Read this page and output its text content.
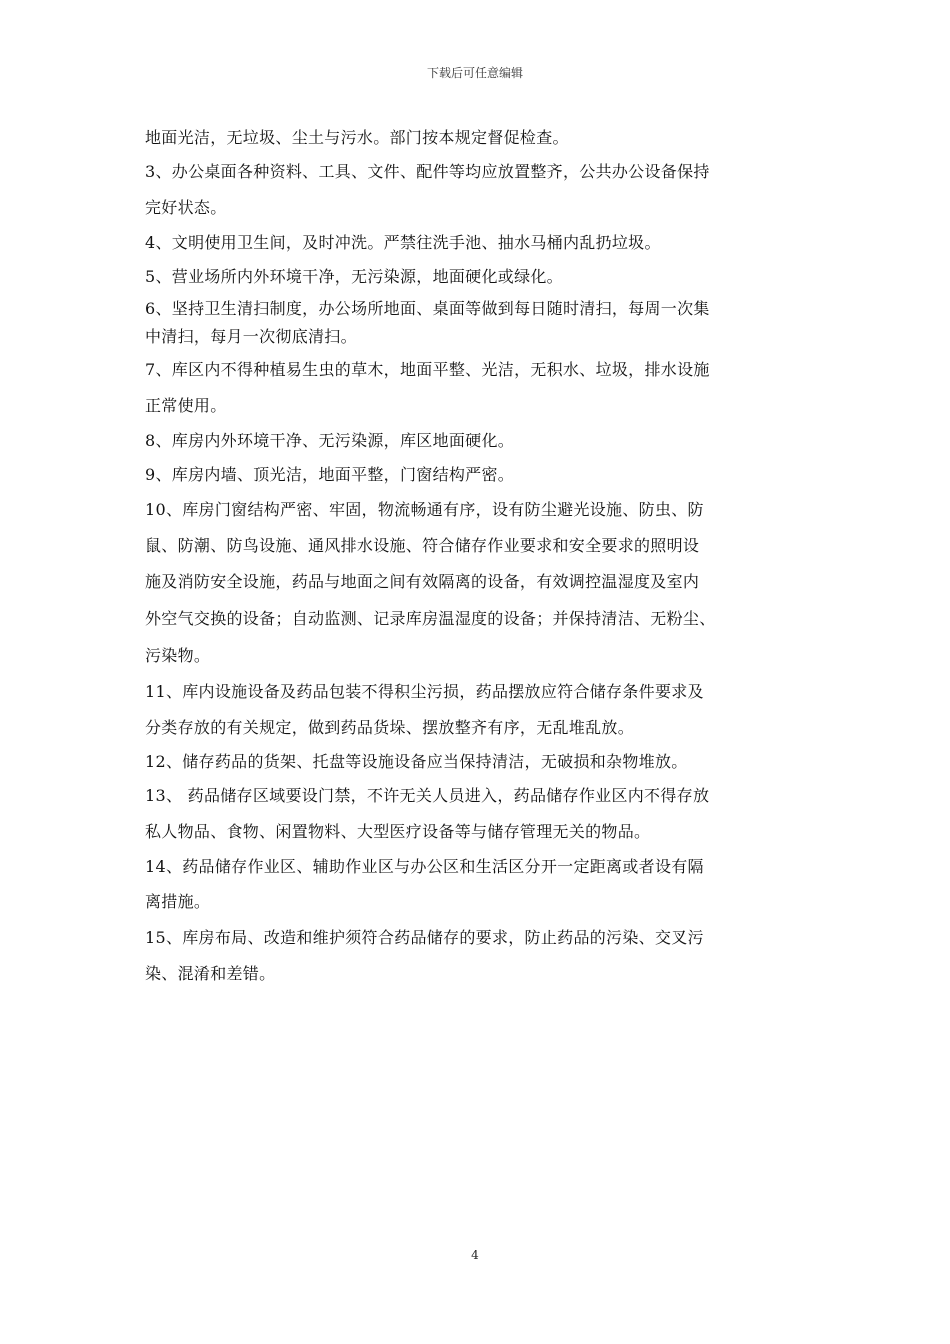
下载后可任意编辑
地面光洁，无垃圾、尘土与污水。部门按本规定督促检查。
3、办公桌面各种资料、工具、文件、配件等均应放置整齐，公共办公设备保持
完好状态。
4、文明使用卫生间，及时冲洗。严禁往洗手池、抽水马桶内乱扔垃圾。
5、营业场所内外环境干净，无污染源，地面硬化或绿化。
6、坚持卫生清扫制度，办公场所地面、桌面等做到每日随时清扫，每周一次集
中清扫，每月一次彻底清扫。
7、库区内不得种植易生虫的草木，地面平整、光洁，无积水、垃圾，排水设施
正常使用。
8、库房内外环境干净、无污染源，库区地面硬化。
9、库房内墙、顶光洁，地面平整，门窗结构严密。
10、库房门窗结构严密、牢固，物流畅通有序，设有防尘避光设施、防虫、防
鼠、防潮、防鸟设施、通风排水设施、符合储存作业要求和安全要求的照明设
施及消防安全设施，药品与地面之间有效隔离的设备，有效调控温湿度及室内
外空气交换的设备；自动监测、记录库房温湿度的设备；并保持清洁、无粉尘、
污染物。
11、库内设施设备及药品包装不得积尘污损，药品摆放应符合储存条件要求及
分类存放的有关规定，做到药品货垛、摆放整齐有序，无乱堆乱放。
12、储存药品的货架、托盘等设施设备应当保持清洁，无破损和杂物堆放。
13、 药品储存区域要设门禁，不许无关人员进入，药品储存作业区内不得存放
私人物品、食物、闲置物料、大型医疗设备等与储存管理无关的物品。
14、药品储存作业区、辅助作业区与办公区和生活区分开一定距离或者设有隔
离措施。
15、库房布局、改造和维护须符合药品储存的要求，防止药品的污染、交叉污
染、混淆和差错。
4
